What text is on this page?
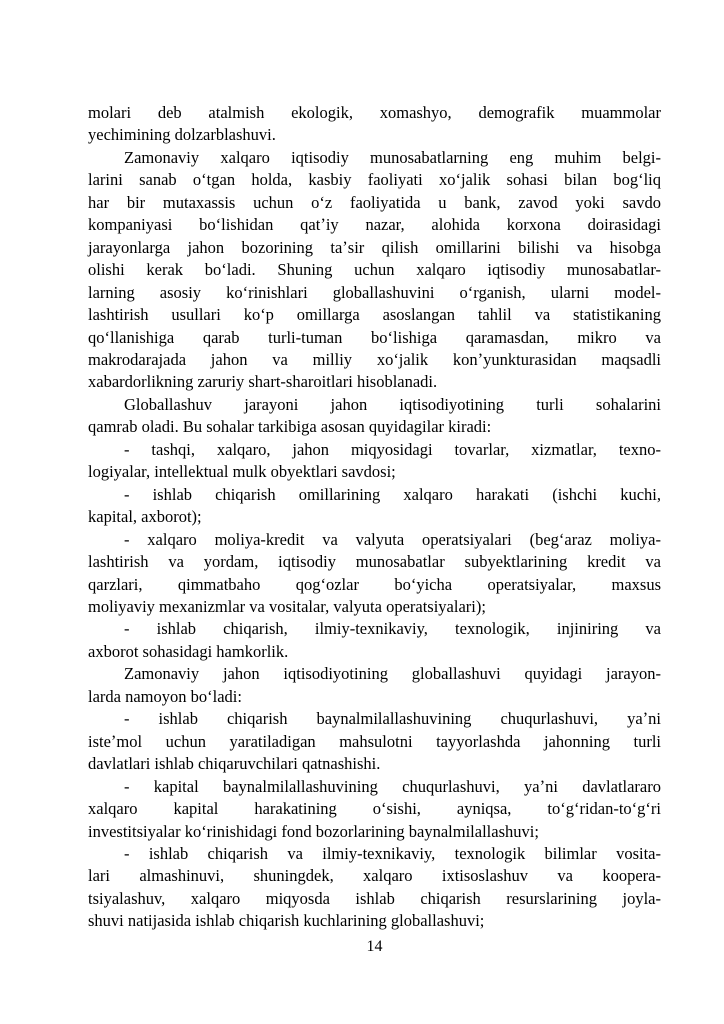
molari deb atalmish ekologik, xomashyo, demografik muammolar
yechimining dolzarblashuvi.
Zamonaviy xalqaro iqtisodiy munosabatlarning eng muhim belgi-
larini sanab oʻtgan holda, kasbiy faoliyati xoʻjalik sohasi bilan bogʻliq
har bir mutaxassis uchun oʻz faoliyatida u bank, zavod yoki savdo
kompaniyasi boʻlishidan qatʼiy nazar, alohida korxona doirasidagi
jarayonlarga jahon bozorining taʼsir qilish omillarini bilishi va hisobga
olishi kerak boʻladi. Shuning uchun xalqaro iqtisodiy munosabatlar-
larning asosiy koʻrinishlari globallashuvini oʻrganish, ularni model-
lashtirish usullari koʻp omillarga asoslangan tahlil va statistikaning
qoʻllanishiga qarab turli-tuman boʻlishiga qaramasdan, mikro va
makrodarajada jahon va milliy xoʻjalik konʼyunkturasidan maqsadli
xabardorlikning zaruriy shart-sharoitlari hisoblanadi.
Globallashuv jarayoni jahon iqtisodiyotining turli sohalarini
qamrab oladi. Bu sohalar tarkibiga asosan quyidagilar kiradi:
- tashqi, xalqaro, jahon miqyosidagi tovarlar, xizmatlar, texno-
logiyalar, intellektual mulk obyektlari savdosi;
- ishlab chiqarish omillarining xalqaro harakati (ishchi kuchi,
kapital, axborot);
- xalqaro moliya-kredit va valyuta operatsiyalari (begʻaraz moliya-
lashtirish va yordam, iqtisodiy munosabatlar subyektlarining kredit va
qarzlari, qimmatbaho qogʻozlar boʻyicha operatsiyalar, maxsus
moliyaviy mexanizmlar va vositalar, valyuta operatsiyalari);
- ishlab chiqarish, ilmiy-texnikaviy, texnologik, injiniring va
axborot sohasidagi hamkorlik.
Zamonaviy jahon iqtisodiyotining globallashuvi quyidagi jarayon-
larda namoyon boʻladi:
- ishlab chiqarish baynalmilallashuvining chuqurlashuvi, yaʼni
isteʼmol uchun yaratiladigan mahsulotni tayyorlashda jahonning turli
davlatlari ishlab chiqaruvchilari qatnashishi.
- kapital baynalmilallashuvining chuqurlashuvi, yaʼni davlatlararo
xalqaro kapital harakatining oʻsishi, ayniqsa, toʻgʻridan-toʻgʻri
investitsiyalar koʻrinishidagi fond bozorlarining baynalmilallashuvi;
- ishlab chiqarish va ilmiy-texnikaviy, texnologik bilimlar vosita-
lari almashinuvi, shuningdek, xalqaro ixtisoslashuv va koopera-
tsiyalashuv, xalqaro miqyosda ishlab chiqarish resurslarining joyla-
shuvi natijasida ishlab chiqarish kuchlarining globallashuvi;
14
